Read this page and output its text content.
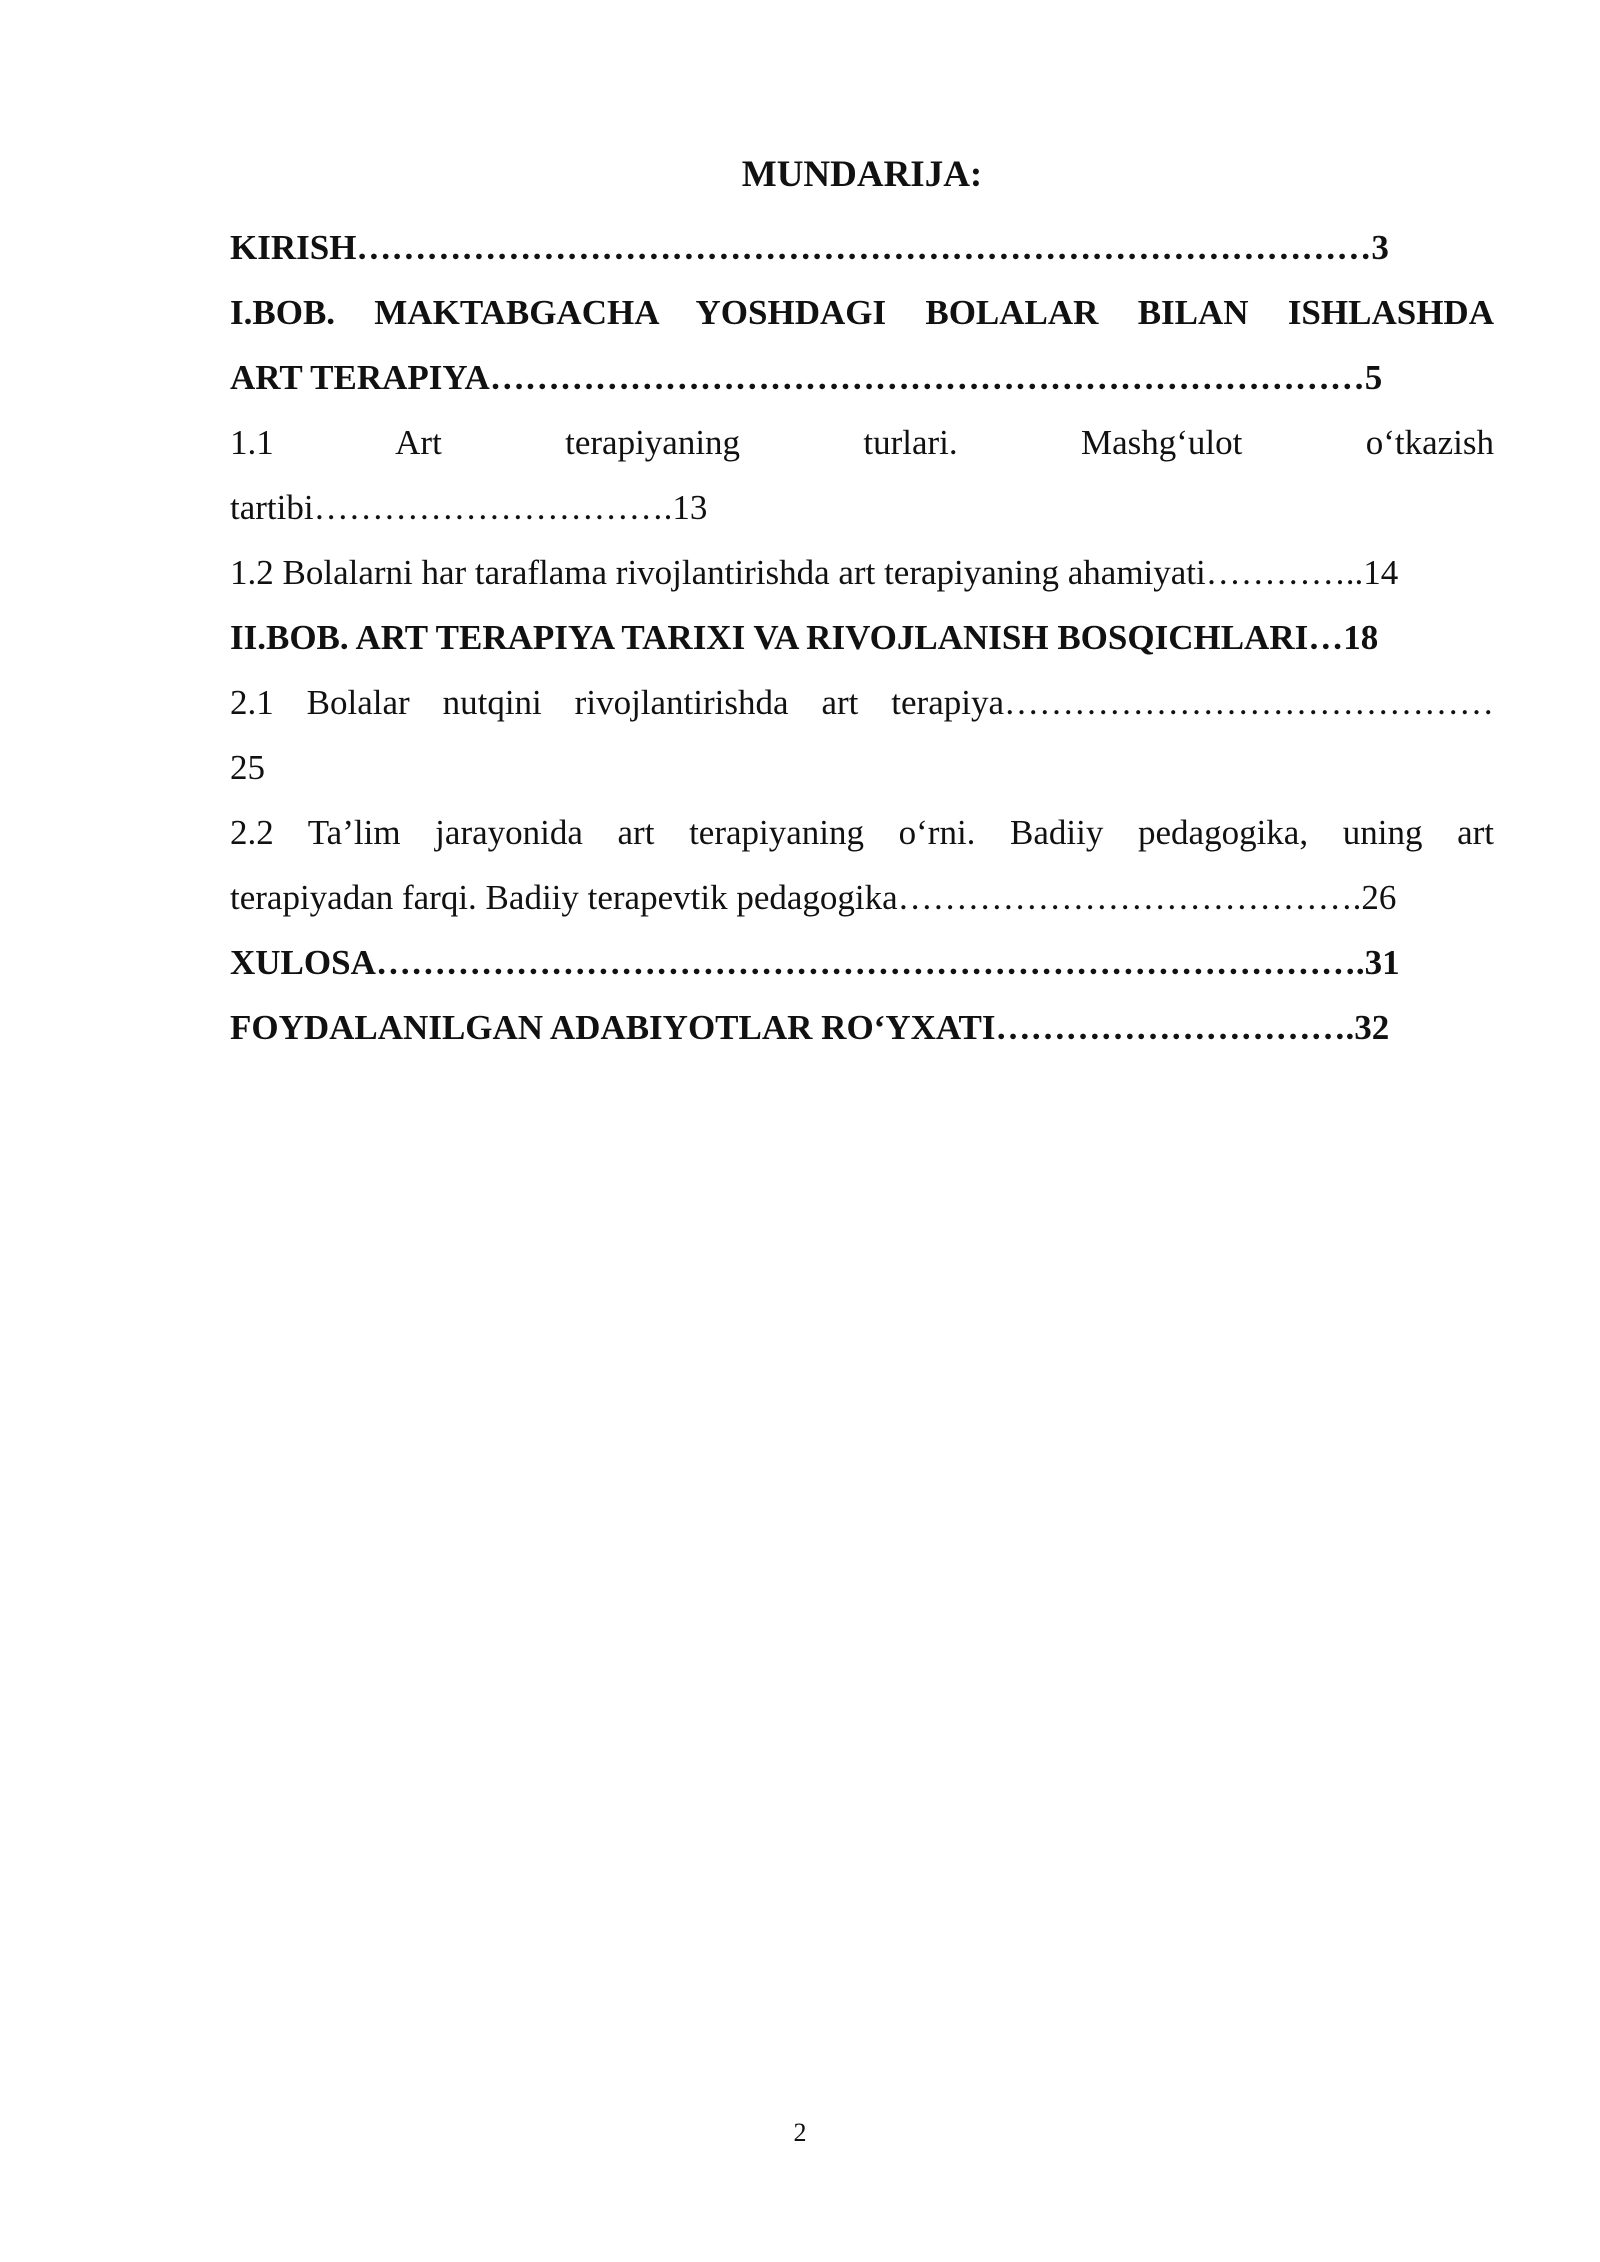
MUNDARIJA:
KIRISH……………………………………………………………………………3
I.BOB. MAKTABGACHA YOSHDAGI BOLALAR BILAN ISHLASHDA
ART TERAPIYA…………………………………………………………………5
1.1 Art terapiyaning turlari. Mashg‘ulot o‘tkazish
tartibi………………………….13
1.2 Bolalarni har taraflama rivojlantirishda art terapiyaning ahamiyati…………..14
II.BOB. ART TERAPIYA TARIXI VA RIVOJLANISH BOSQICHLARI…18
2.1 Bolalar nutqini rivojlantirishda art terapiya……………………………………
25
2.2 Ta’lim jarayonida art terapiyaning o‘rni. Badiiy pedagogika, uning art
terapiyadan farqi. Badiiy terapevtik pedagogika………………………………….26
XULOSA………………………………………………………………………….31
FOYDALANILGAN ADABIYOTLAR RO‘YXATI………………………….32
2
